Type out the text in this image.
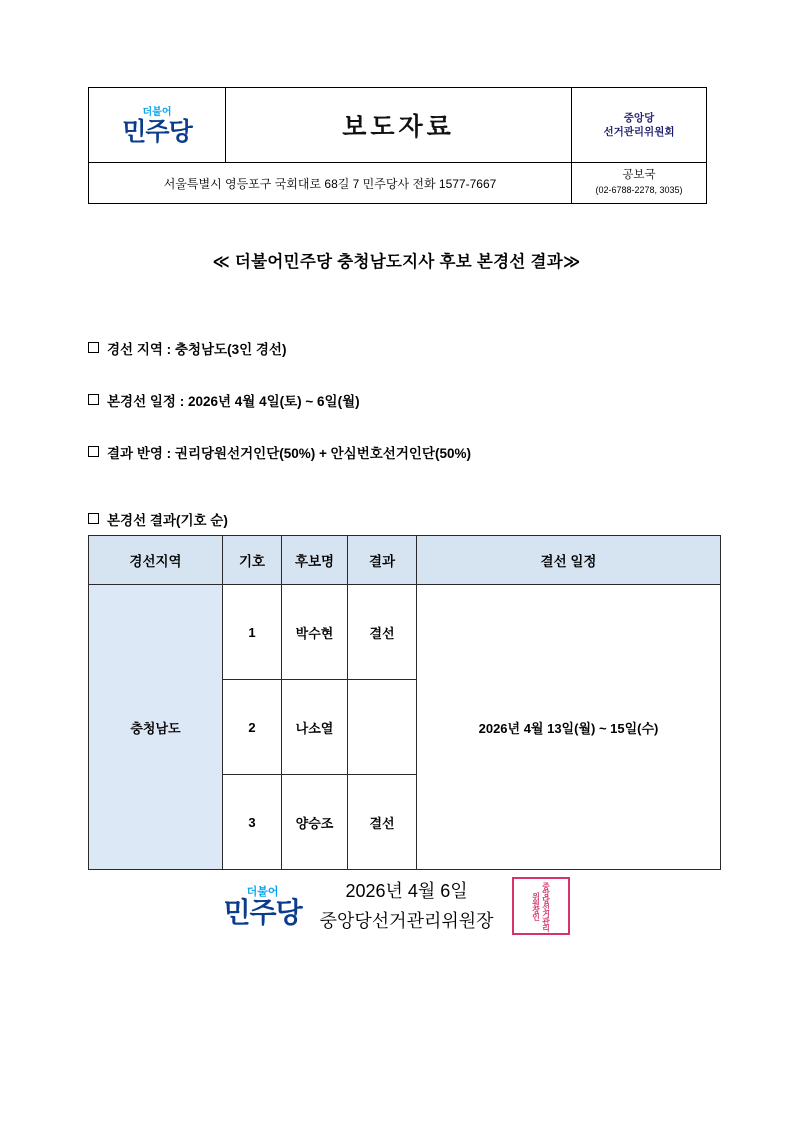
더불어
민주당	보도자료	중앙당
선거관리위원회

서울특별시 영등포구 국회대로 68길 7 민주당사 전화 1577-7667		공보국
(02-6788-2278, 3035)
≪ 더불어민주당 충청남도지사 후보 본경선 결과≫
경선 지역 : 충청남도(3인 경선)
본경선 일정 : 2026년 4월 4일(토) ~ 6일(월)
결과 반영 : 권리당원선거인단(50%) + 안심번호선거인단(50%)
본경선 결과(기호 순)
경선지역	기호	후보명	결과	결선 일정
충청남도	1	박수현	결선	2026년 4월 13일(월) ~ 15일(수)
	2	나소열		
	3	양승조	결선	
더불어
민주당
2026년 4월 6일
중앙당선거관리위원장	중앙당선거관리위원장인
